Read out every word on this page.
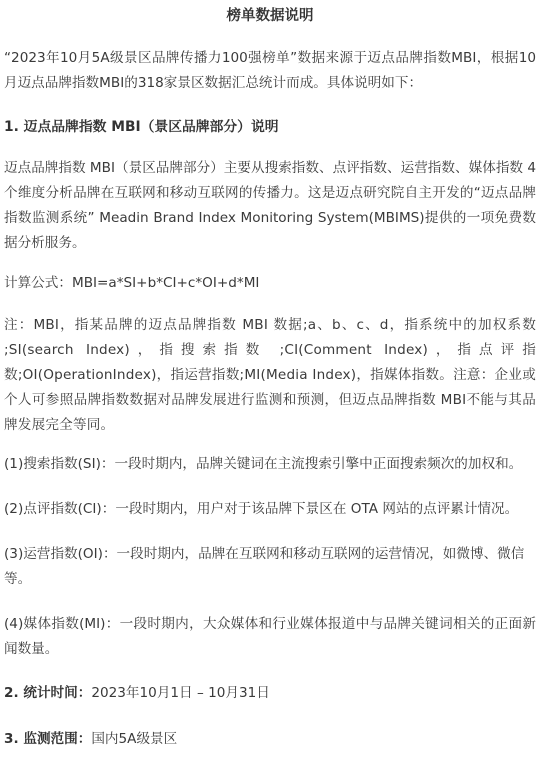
榜单数据说明

“2023年10月5A级景区品牌传播力100强榜单”数据来源于迈点品牌指数MBI，根据10月迈点品牌指数MBI的318家景区数据汇总统计而成。具体说明如下：

1. 迈点品牌指数 MBI（景区品牌部分）说明

迈点品牌指数 MBI（景区品牌部分）主要从搜索指数、点评指数、运营指数、媒体指数 4个维度分析品牌在互联网和移动互联网的传播力。这是迈点研究院自主开发的“迈点品牌指数监测系统” Meadin Brand Index Monitoring System(MBIMS)提供的一项免费数据分析服务。

计算公式：MBI=a*SI+b*CI+c*OI+d*MI

注：MBI，指某品牌的迈点品牌指数 MBI 数据;a、b、c、d，指系统中的加权系数 ;SI(search Index)，指搜索指数 ;CI(Comment Index)，指点评指数;OI(OperationIndex)，指运营指数;MI(Media Index)，指媒体指数。注意：企业或个人可参照品牌指数数据对品牌发展进行监测和预测，但迈点品牌指数 MBI不能与其品牌发展完全等同。

(1)搜索指数(SI)：一段时期内，品牌关键词在主流搜索引擎中正面搜索频次的加权和。

(2)点评指数(CI)：一段时期内，用户对于该品牌下景区在 OTA 网站的点评累计情况。

(3)运营指数(OI)：一段时期内，品牌在互联网和移动互联网的运营情况，如微博、微信等。

(4)媒体指数(MI)：一段时期内，大众媒体和行业媒体报道中与品牌关键词相关的正面新闻数量。

2. 统计时间：2023年10月1日 – 10月31日
3. 监测范围：国内5A级景区
